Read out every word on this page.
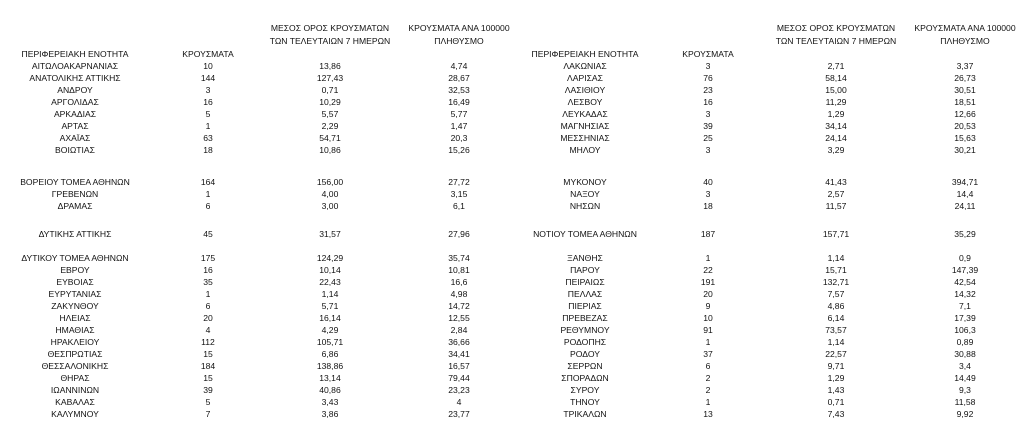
ΠΕΡΙΦΕΡΕΙΑΚΗ ΕΝΟΤΗΤΑ	ΚΡΟΥΣΜΑΤΑ
ΜΕΣΟΣ ΟΡΟΣ ΚΡΟΥΣΜΑΤΩΝ ΤΩΝ ΤΕΛΕΥΤΑΙΩΝ 7 ΗΜΕΡΩΝ
ΚΡΟΥΣΜΑΤΑ ΑΝΑ 100000 ΠΛΗΘΥΣΜΟ
ΑΙΤΩΛΟΑΚΑΡΝΑΝΙΑΣ	10	13,86	4,74
ΑΝΑΤΟΛΙΚΗΣ ΑΤΤΙΚΗΣ	144	127,43	28,67
ΑΝΔΡΟΥ	3	0,71	32,53
ΑΡΓΟΛΙΔΑΣ	16	10,29	16,49
ΑΡΚΑΔΙΑΣ	5	5,57	5,77
ΑΡΤΑΣ	1	2,29	1,47
ΑΧΑΪΑΣ	63	54,71	20,3
ΒΟΙΩΤΙΑΣ	18	10,86	15,26
ΒΟΡΕΙΟΥ ΤΟΜΕΑ ΑΘΗΝΩΝ	164	156,00	27,72
ΓΡΕΒΕΝΩΝ	1	4,00	3,15
ΔΡΑΜΑΣ	6	3,00	6,1
ΔΥΤΙΚΗΣ ΑΤΤΙΚΗΣ	45	31,57	27,96
ΔΥΤΙΚΟΥ ΤΟΜΕΑ ΑΘΗΝΩΝ	175	124,29	35,74
ΕΒΡΟΥ	16	10,14	10,81
ΕΥΒΟΙΑΣ	35	22,43	16,6
ΕΥΡΥΤΑΝΙΑΣ	1	1,14	4,98
ΖΑΚΥΝΘΟΥ	6	5,71	14,72
ΗΛΕΙΑΣ	20	16,14	12,55
ΗΜΑΘΙΑΣ	4	4,29	2,84
ΗΡΑΚΛΕΙΟΥ	112	105,71	36,66
ΘΕΣΠΡΩΤΙΑΣ	15	6,86	34,41
ΘΕΣΣΑΛΟΝΙΚΗΣ	184	138,86	16,57
ΘΗΡΑΣ	15	13,14	79,44
ΙΩΑΝΝΙΝΩΝ	39	40,86	23,23
ΚΑΒΑΛΑΣ	5	3,43	4
ΚΑΛΥΜΝΟΥ	7	3,86	23,77
ΠΕΡΙΦΕΡΕΙΑΚΗ ΕΝΟΤΗΤΑ	ΚΡΟΥΣΜΑΤΑ
ΜΕΣΟΣ ΟΡΟΣ ΚΡΟΥΣΜΑΤΩΝ ΤΩΝ ΤΕΛΕΥΤΑΙΩΝ 7 ΗΜΕΡΩΝ
ΚΡΟΥΣΜΑΤΑ ΑΝΑ 100000 ΠΛΗΘΥΣΜΟ
ΛΑΚΩΝΙΑΣ	3	2,71	3,37
ΛΑΡΙΣΑΣ	76	58,14	26,73
ΛΑΣΙΘΙΟΥ	23	15,00	30,51
ΛΕΣΒΟΥ	16	11,29	18,51
ΛΕΥΚΑΔΑΣ	3	1,29	12,66
ΜΑΓΝΗΣΙΑΣ	39	34,14	20,53
ΜΕΣΣΗΝΙΑΣ	25	24,14	15,63
ΜΗΛΟΥ	3	3,29	30,21
ΜΥΚΟΝΟΥ	40	41,43	394,71
ΝΑΞΟΥ	3	2,57	14,4
ΝΗΣΩΝ	18	11,57	24,11
ΝΟΤΙΟΥ ΤΟΜΕΑ ΑΘΗΝΩΝ	187	157,71	35,29
ΞΑΝΘΗΣ	1	1,14	0,9
ΠΑΡΟΥ	22	15,71	147,39
ΠΕΙΡΑΙΩΣ	191	132,71	42,54
ΠΕΛΛΑΣ	20	7,57	14,32
ΠΙΕΡΙΑΣ	9	4,86	7,1
ΠΡΕΒΕΖΑΣ	10	6,14	17,39
ΡΕΘΥΜΝΟΥ	91	73,57	106,3
ΡΟΔΟΠΗΣ	1	1,14	0,89
ΡΟΔΟΥ	37	22,57	30,88
ΣΕΡΡΩΝ	6	9,71	3,4
ΣΠΟΡΑΔΩΝ	2	1,29	14,49
ΣΥΡΟΥ	2	1,43	9,3
ΤΗΝΟΥ	1	0,71	11,58
ΤΡΙΚΑΛΩΝ	13	7,43	9,92
